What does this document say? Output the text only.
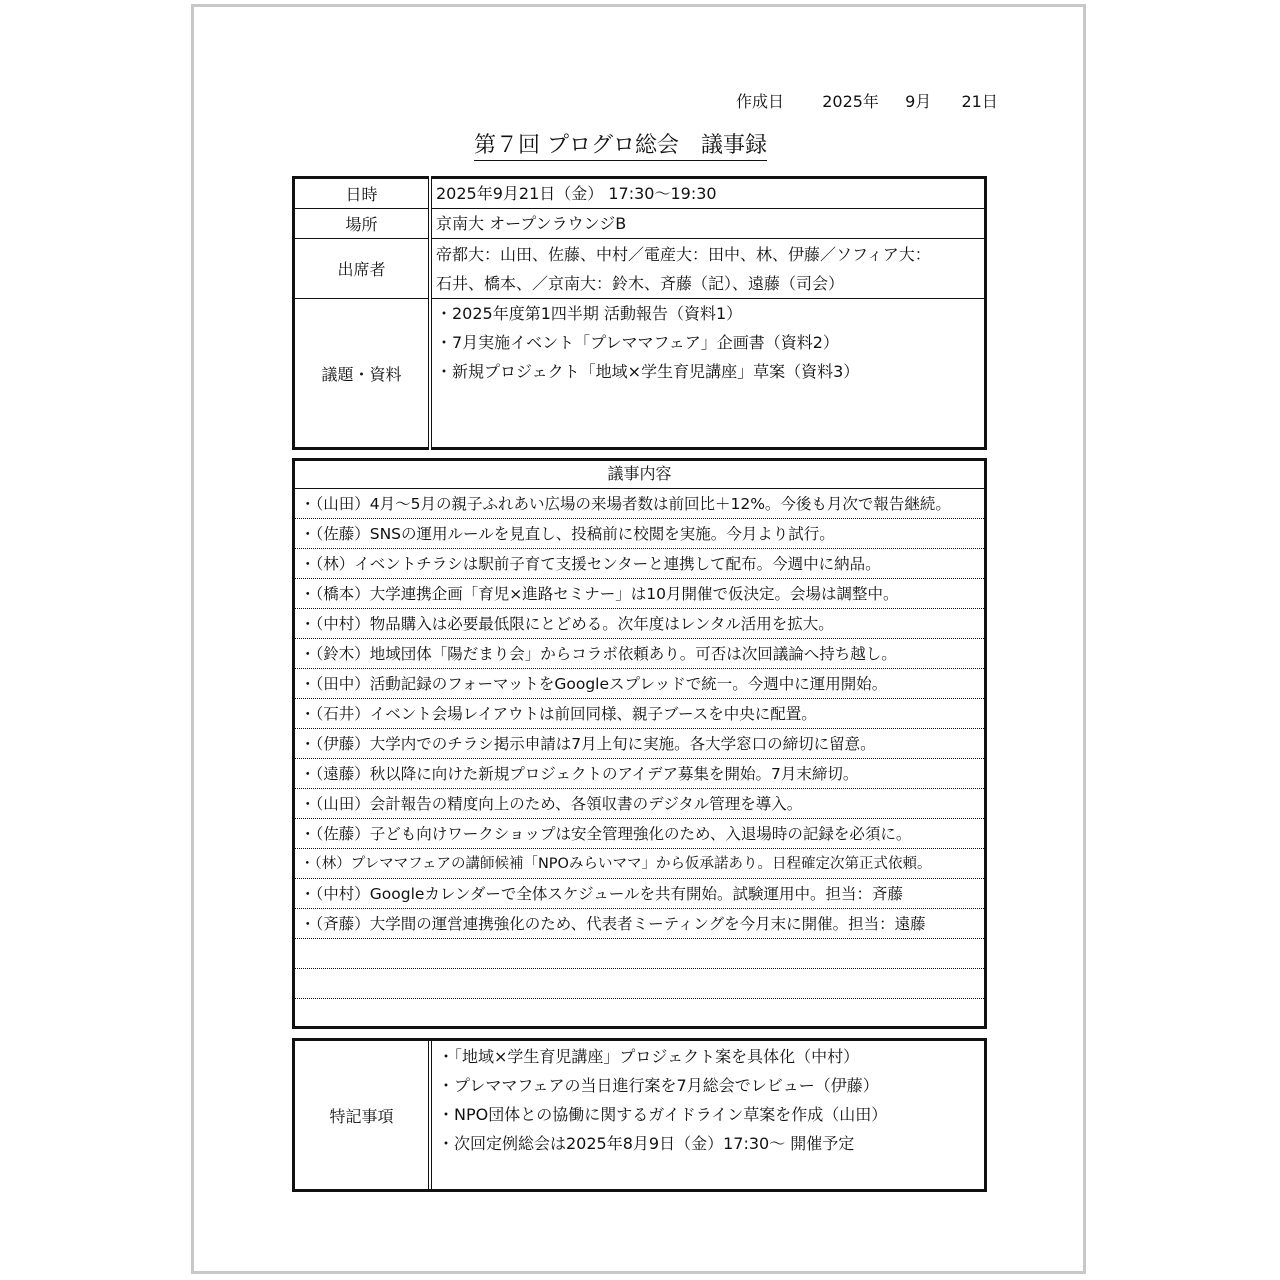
作成日 2025年 9月 21日
第７回 プログロ総会　議事録
日時	2025年9月21日（金） 17:30〜19:30
場所	京南大 オープンラウンジB
出席者	帝都大：山田、佐藤、中村／電産大：田中、林、伊藤／ソフィア大：
石井、橋本、／京南大：鈴木、斉藤（記）、遠藤（司会）

議題・資料	・2025年度第1四半期 活動報告（資料1）
・7月実施イベント「プレママフェア」企画書（資料2）
・新規プロジェクト「地域×学生育児講座」草案（資料3）
議事内容
・（山田）4月〜5月の親子ふれあい広場の来場者数は前回比＋12%。今後も月次で報告継続。
・（佐藤）SNSの運用ルールを見直し、投稿前に校閲を実施。今月より試行。
・（林）イベントチラシは駅前子育て支援センターと連携して配布。今週中に納品。
・（橋本）大学連携企画「育児×進路セミナー」は10月開催で仮決定。会場は調整中。
・（中村）物品購入は必要最低限にとどめる。次年度はレンタル活用を拡大。
・（鈴木）地域団体「陽だまり会」からコラボ依頼あり。可否は次回議論へ持ち越し。
・（田中）活動記録のフォーマットをGoogleスプレッドで統一。今週中に運用開始。
・（石井）イベント会場レイアウトは前回同様、親子ブースを中央に配置。
・（伊藤）大学内でのチラシ掲示申請は7月上旬に実施。各大学窓口の締切に留意。
・（遠藤）秋以降に向けた新規プロジェクトのアイデア募集を開始。7月末締切。
・（山田）会計報告の精度向上のため、各領収書のデジタル管理を導入。
・（佐藤）子ども向けワークショップは安全管理強化のため、入退場時の記録を必須に。
・（林）プレママフェアの講師候補「NPOみらいママ」から仮承諾あり。日程確定次第正式依頼。
・（中村）Googleカレンダーで全体スケジュールを共有開始。試験運用中。担当：斉藤
・（斉藤）大学間の運営連携強化のため、代表者ミーティングを今月末に開催。担当：遠藤
特記事項
・「地域×学生育児講座」プロジェクト案を具体化（中村）
・プレママフェアの当日進行案を7月総会でレビュー（伊藤）
・NPO団体との協働に関するガイドライン草案を作成（山田）
・次回定例総会は2025年8月9日（金）17:30〜 開催予定
